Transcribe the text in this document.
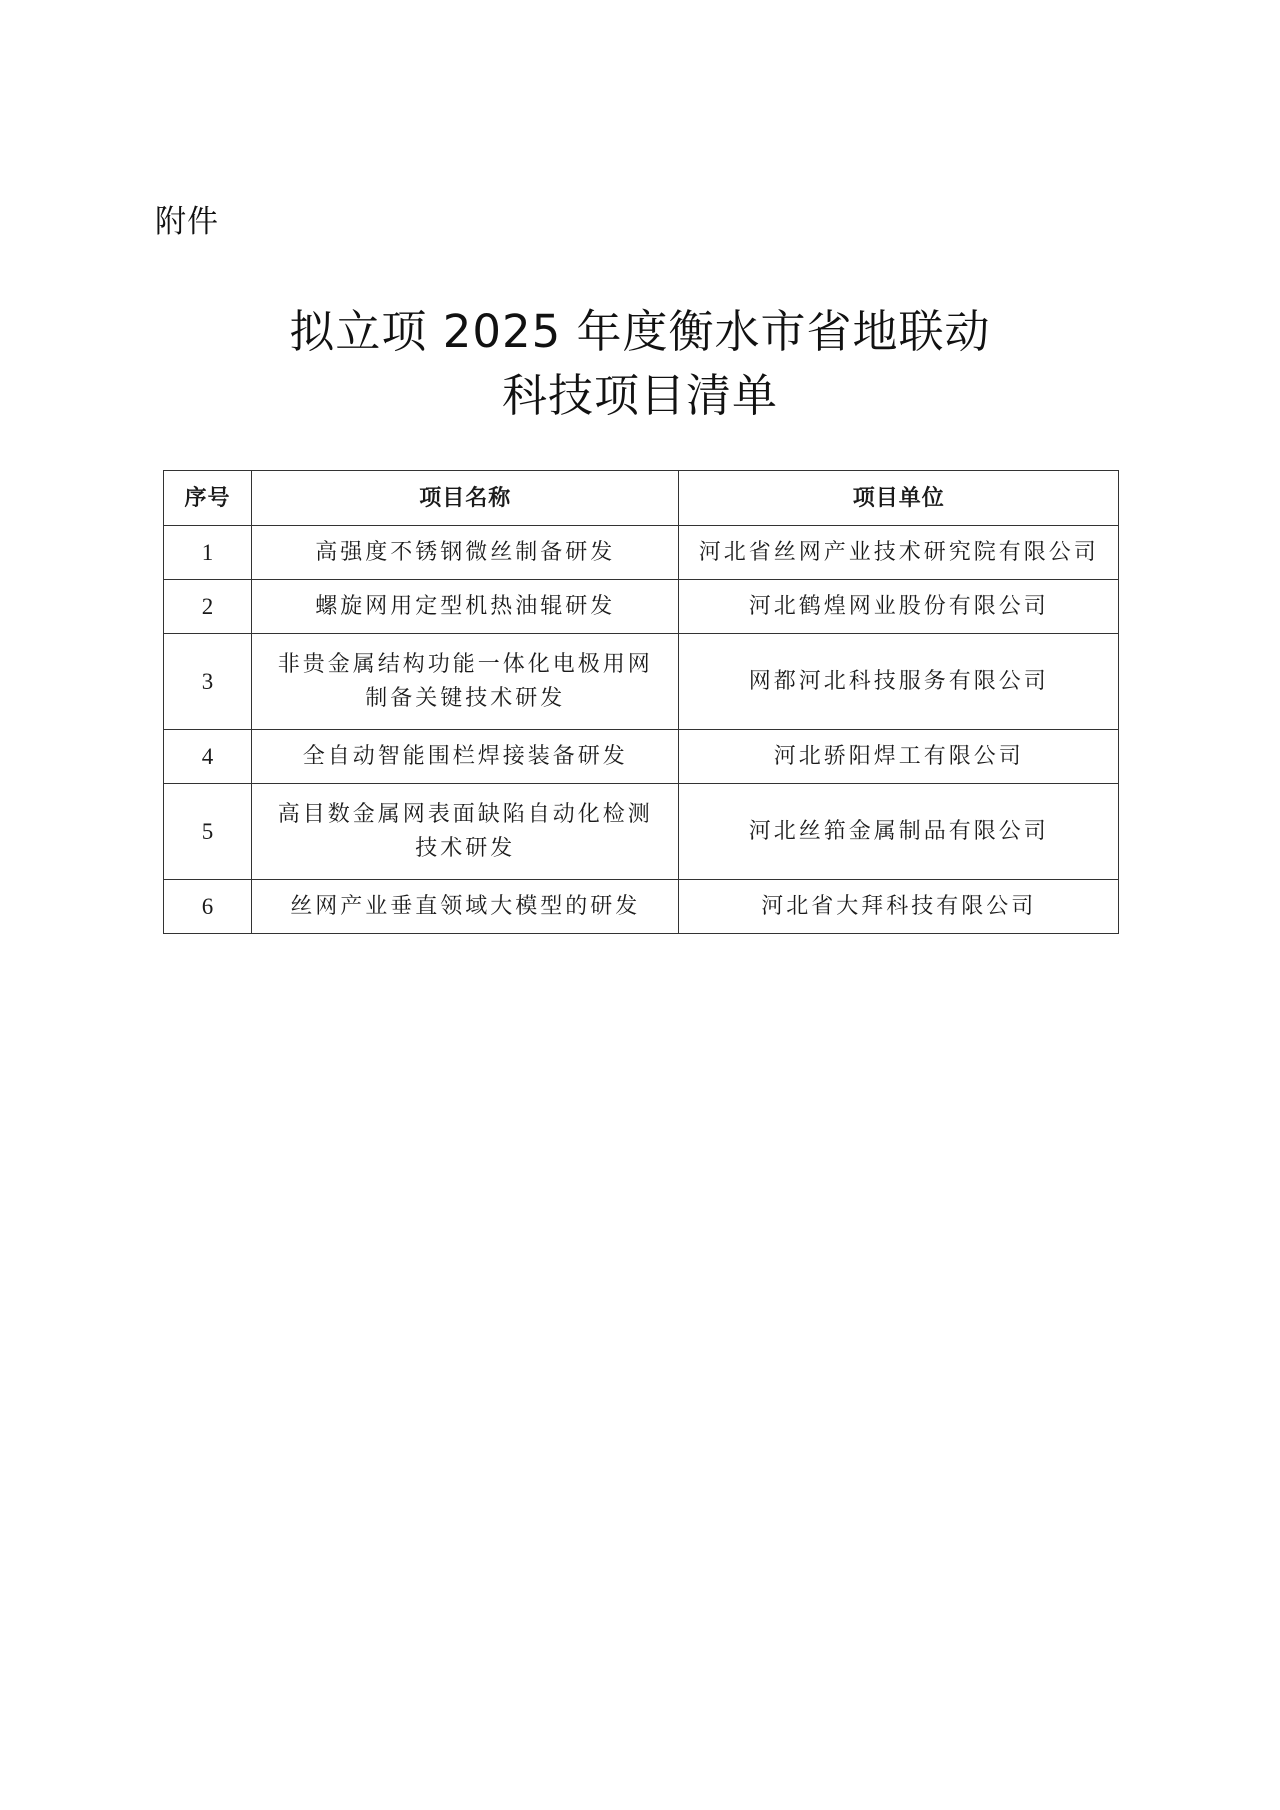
附件
拟立项 2025 年度衡水市省地联动
科技项目清单
序号	项目名称	项目单位
1	高强度不锈钢微丝制备研发	河北省丝网产业技术研究院有限公司
2	螺旋网用定型机热油辊研发	河北鹤煌网业股份有限公司
3	非贵金属结构功能一体化电极用网
制备关键技术研发	网都河北科技服务有限公司
4	全自动智能围栏焊接装备研发	河北骄阳焊工有限公司
5	高目数金属网表面缺陷自动化检测
技术研发	河北丝筘金属制品有限公司
6	丝网产业垂直领域大模型的研发	河北省大拜科技有限公司
